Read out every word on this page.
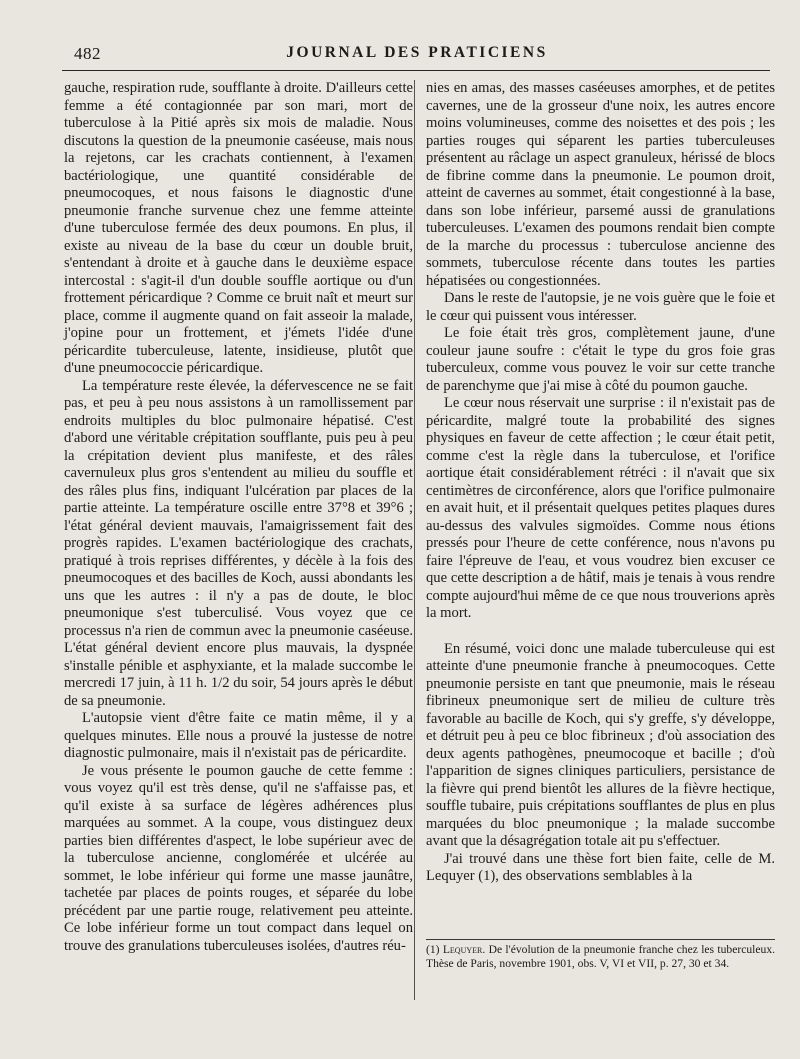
482	JOURNAL DES PRATICIENS

gauche, respiration rude, soufflante à droite. D'ailleurs cette femme a été contagionnée par son mari, mort de tuberculose à la Pitié après six mois de maladie. Nous discutons la question de la pneumonie caséeuse, mais nous la rejetons, car les crachats contiennent, à l'examen bactériologique, une quantité considérable de pneumocoques, et nous faisons le diagnostic d'une pneumonie franche survenue chez une femme atteinte d'une tuberculose fermée des deux poumons. En plus, il existe au niveau de la base du cœur un double bruit, s'entendant à droite et à gauche dans le deuxième espace intercostal : s'agit-il d'un double souffle aortique ou d'un frottement péricardique ? Comme ce bruit naît et meurt sur place, comme il augmente quand on fait asseoir la malade, j'opine pour un frottement, et j'émets l'idée d'une péricardite tuberculeuse, latente, insidieuse, plutôt que d'une pneumococcie péricardique.

La température reste élevée, la défervescence ne se fait pas, et peu à peu nous assistons à un ramollissement par endroits multiples du bloc pulmonaire hépatisé. C'est d'abord une véritable crépitation soufflante, puis peu à peu la crépitation devient plus manifeste, et des râles cavernuleux plus gros s'entendent au milieu du souffle et des râles plus fins, indiquant l'ulcération par places de la partie atteinte. La température oscille entre 37°8 et 39°6 ; l'état général devient mauvais, l'amaigrissement fait des progrès rapides. L'examen bactériologique des crachats, pratiqué à trois reprises différentes, y décèle à la fois des pneumocoques et des bacilles de Koch, aussi abondants les uns que les autres : il n'y a pas de doute, le bloc pneumonique s'est tuberculisé. Vous voyez que ce processus n'a rien de commun avec la pneumonie caséeuse. L'état général devient encore plus mauvais, la dyspnée s'installe pénible et asphyxiante, et la malade succombe le mercredi 17 juin, à 11 h. 1/2 du soir, 54 jours après le début de sa pneumonie.

L'autopsie vient d'être faite ce matin même, il y a quelques minutes. Elle nous a prouvé la justesse de notre diagnostic pulmonaire, mais il n'existait pas de péricardite.

Je vous présente le poumon gauche de cette femme : vous voyez qu'il est très dense, qu'il ne s'affaisse pas, et qu'il existe à sa surface de légères adhérences plus marquées au sommet. A la coupe, vous distinguez deux parties bien différentes d'aspect, le lobe supérieur avec de la tuberculose ancienne, conglomérée et ulcérée au sommet, le lobe inférieur qui forme une masse jaunâtre, tachetée par places de points rouges, et séparée du lobe précédent par une partie rouge, relativement peu atteinte. Ce lobe inférieur forme un tout compact dans lequel on trouve des granulations tuberculeuses isolées, d'autres réu-

nies en amas, des masses caséeuses amorphes, et de petites cavernes, une de la grosseur d'une noix, les autres encore moins volumineuses, comme des noisettes et des pois ; les parties rouges qui séparent les parties tuberculeuses présentent au râclage un aspect granuleux, hérissé de blocs de fibrine comme dans la pneumonie. Le poumon droit, atteint de cavernes au sommet, était congestionné à la base, dans son lobe inférieur, parsemé aussi de granulations tuberculeuses. L'examen des poumons rendait bien compte de la marche du processus : tuberculose ancienne des sommets, tuberculose récente dans toutes les parties hépatisées ou congestionnées.

Dans le reste de l'autopsie, je ne vois guère que le foie et le cœur qui puissent vous intéresser.

Le foie était très gros, complètement jaune, d'une couleur jaune soufre : c'était le type du gros foie gras tuberculeux, comme vous pouvez le voir sur cette tranche de parenchyme que j'ai mise à côté du poumon gauche.

Le cœur nous réservait une surprise : il n'existait pas de péricardite, malgré toute la probabilité des signes physiques en faveur de cette affection ; le cœur était petit, comme c'est la règle dans la tuberculose, et l'orifice aortique était considérablement rétréci : il n'avait que six centimètres de circonférence, alors que l'orifice pulmonaire en avait huit, et il présentait quelques petites plaques dures au-dessus des valvules sigmoïdes. Comme nous étions pressés pour l'heure de cette conférence, nous n'avons pu faire l'épreuve de l'eau, et vous voudrez bien excuser ce que cette description a de hâtif, mais je tenais à vous rendre compte aujourd'hui même de ce que nous trouverions après la mort.

En résumé, voici donc une malade tuberculeuse qui est atteinte d'une pneumonie franche à pneumocoques. Cette pneumonie persiste en tant que pneumonie, mais le réseau fibrineux pneumonique sert de milieu de culture très favorable au bacille de Koch, qui s'y greffe, s'y développe, et détruit peu à peu ce bloc fibrineux ; d'où association des deux agents pathogènes, pneumocoque et bacille ; d'où l'apparition de signes cliniques particuliers, persistance de la fièvre qui prend bientôt les allures de la fièvre hectique, souffle tubaire, puis crépitations soufflantes de plus en plus marquées du bloc pneumonique ; la malade succombe avant que la désagrégation totale ait pu s'effectuer.

J'ai trouvé dans une thèse fort bien faite, celle de M. Lequyer (1), des observations semblables à la

(1) Lequyer. De l'évolution de la pneumonie franche chez les tuberculeux. Thèse de Paris, novembre 1901, obs. V, VI et VII, p. 27, 30 et 34.
